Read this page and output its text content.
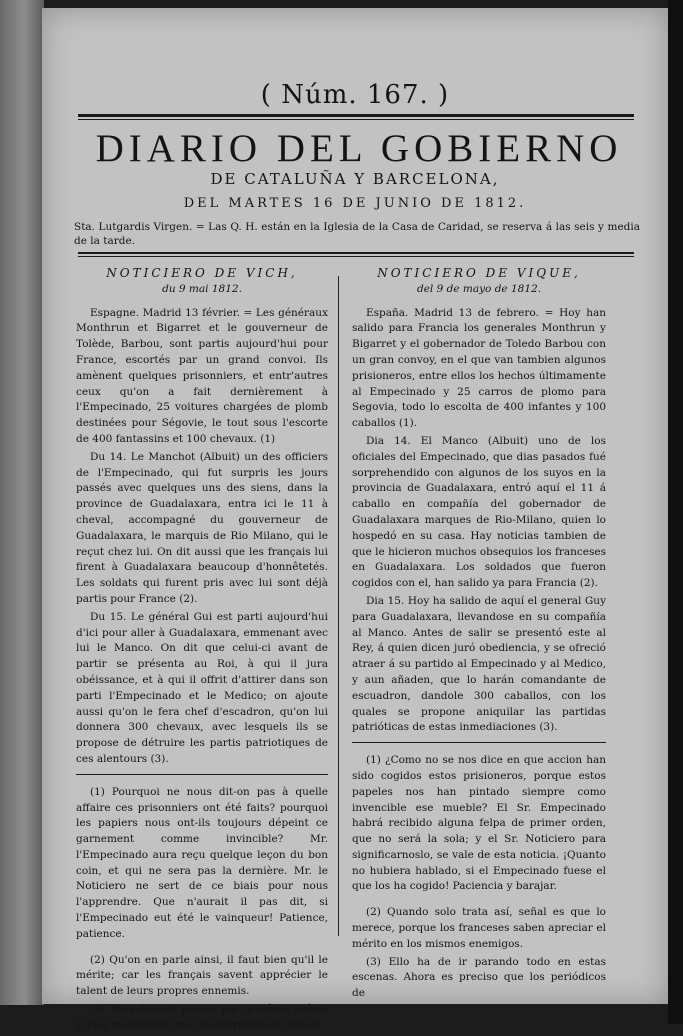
( Núm. 167. )
DIARIO DEL GOBIERNO
DE CATALUÑA Y BARCELONA,
DEL MARTES 16 DE JUNIO DE 1812.
Sta. Lutgardis Virgen. = Las Q. H. están en la Iglesia de la Casa de Caridad, se reserva á las seis y media de la tarde.

NOTICIERO DE VICH,

du 9 mai 1812.

Espagne. Madrid 13 février. = Les généraux Monthrun et Bigarret et le gouverneur de Tolède, Barbou, sont partis aujourd'hui pour France, escortés par un grand convoi. Ils amènent quelques prisonniers, et entr'autres ceux qu'on a fait dernièrement à l'Empecinado, 25 voitures chargées de plomb destinées pour Ségovie, le tout sous l'escorte de 400 fantassins et 100 chevaux. (1)

Du 14. Le Manchot (Albuit) un des officiers de l'Empecinado, qui fut surpris les jours passés avec quelques uns des siens, dans la province de Guadalaxara, entra ici le 11 à cheval, accompagné du gouverneur de Guadalaxara, le marquis de Rio Milano, qui le reçut chez lui. On dit aussi que les français lui firent à Guadalaxara beaucoup d'honnêtetés. Les soldats qui furent pris avec lui sont déjà partis pour France (2).

Du 15. Le général Gui est parti aujourd'hui d'ici pour aller à Guadalaxara, emmenant avec lui le Manco. On dit que celui-ci avant de partir se présenta au Roi, à qui il jura obéissance, et à qui il offrit d'attirer dans son parti l'Empecinado et le Medico; on ajoute aussi qu'on le fera chef d'escadron, qu'on lui donnera 300 chevaux, avec lesquels ils se propose de détruire les partis patriotiques de ces alentours (3).

(1) Pourquoi ne nous dit-on pas à quelle affaire ces prisonniers ont été faits? pourquoi les papiers nous ont-ils toujours dépeint ce garnement comme invincible? Mr. l'Empecinado aura reçu quelque leçon du bon coin, et qui ne sera pas la dernière. Mr. le Noticiero ne sert de ce biais pour nous l'apprendre. Que n'aurait il pas dit, si l'Empecinado eut été le vainqueur! Patience, patience.

(2) Qu'on en parle ainsi, il faut bien qu'il le mérite; car les français savent apprécier le talent de leurs propres ennemis.

(3) Tous doivent passer par la même filière. Il faut maintenant que les journaux de l'insur-

NOTICIERO DE VIQUE,

del 9 de mayo de 1812.

España. Madrid 13 de febrero. = Hoy han salido para Francia los generales Monthrun y Bigarret y el gobernador de Toledo Barbou con un gran convoy, en el que van tambien algunos prisioneros, entre ellos los hechos últimamente al Empecinado y 25 carros de plomo para Segovia, todo lo escolta de 400 infantes y 100 caballos (1).

Dia 14. El Manco (Albuit) uno de los oficiales del Empecinado, que dias pasados fué sorprehendido con algunos de los suyos en la provincia de Guadalaxara, entró aquí el 11 á caballo en compañía del gobernador de Guadalaxara marques de Rio-Milano, quien lo hospedó en su casa. Hay noticias tambien de que le hicieron muchos obsequios los franceses en Guadalaxara. Los soldados que fueron cogidos con el, han salido ya para Francia (2).

Dia 15. Hoy ha salido de aquí el general Guy para Guadalaxara, llevandose en su compañía al Manco. Antes de salir se presentó este al Rey, á quien dicen juró obediencia, y se ofreció atraer á su partido al Empecinado y al Medico, y aun añaden, que lo harán comandante de escuadron, dandole 300 caballos, con los quales se propone aniquilar las partidas patrióticas de estas inmediaciones (3).

(1) ¿Como no se nos dice en que accion han sido cogidos estos prisioneros, porque estos papeles nos han pintado siempre como invencible ese mueble? El Sr. Empecinado habrá recibido alguna felpa de primer orden, que no será la sola; y el Sr. Noticiero para significarnoslo, se vale de esta noticia. ¡Quanto no hubiera hablado, si el Empecinado fuese el que los ha cogido! Paciencia y barajar.

(2) Quando solo trata así, señal es que lo merece, porque los franceses saben apreciar el mérito en los mismos enemigos.

(3) Ello ha de ir parando todo en estas escenas. Ahora es preciso que los periódicos de
